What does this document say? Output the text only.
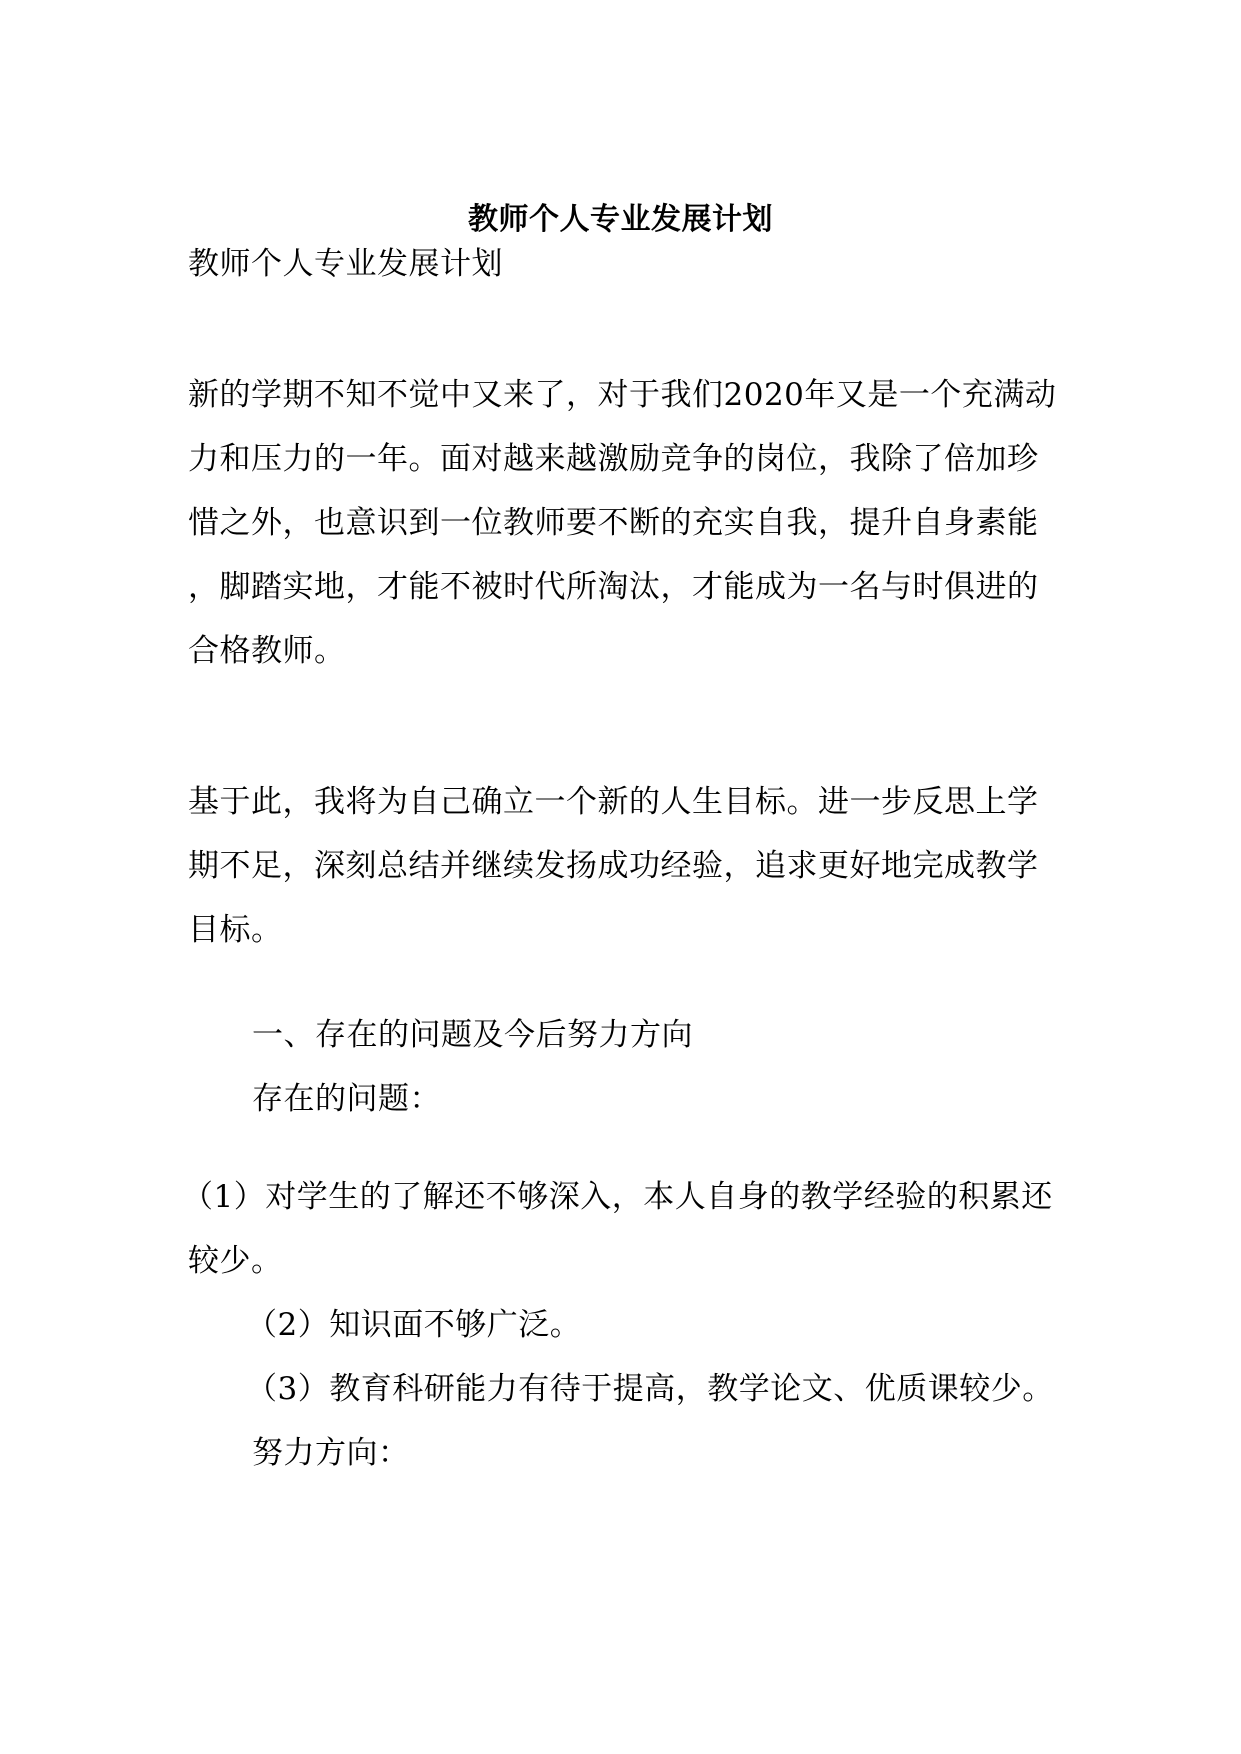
教师个人专业发展计划
教师个人专业发展计划
新的学期不知不觉中又来了，对于我们2020年又是一个充满动
力和压力的一年。面对越来越激励竞争的岗位，我除了倍加珍
惜之外，也意识到一位教师要不断的充实自我，提升自身素能
，脚踏实地，才能不被时代所淘汰，才能成为一名与时俱进的
合格教师。
基于此，我将为自己确立一个新的人生目标。进一步反思上学
期不足，深刻总结并继续发扬成功经验，追求更好地完成教学
目标。
一、存在的问题及今后努力方向
存在的问题：
（1）对学生的了解还不够深入，本人自身的教学经验的积累还
较少。
（2）知识面不够广泛。
（3）教育科研能力有待于提高，教学论文、优质课较少。
努力方向：
